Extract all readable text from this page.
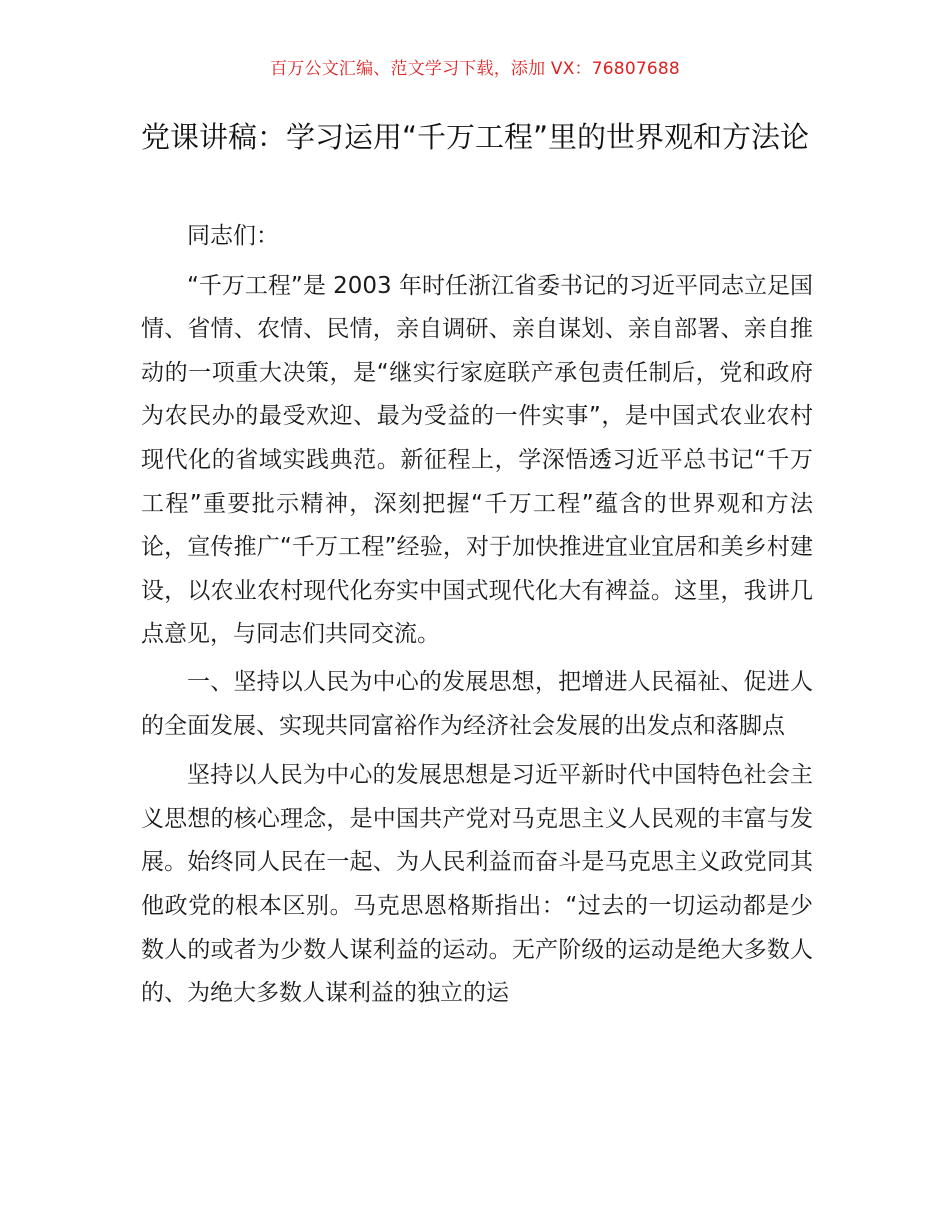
百万公文汇编、范文学习下载，添加 VX：76807688
党课讲稿：学习运用“千万工程”里的世界观和方法论

同志们：

“千万工程”是 2003 年时任浙江省委书记的习近平同志立足国情、省情、农情、民情，亲自调研、亲自谋划、亲自部署、亲自推动的一项重大决策，是“继实行家庭联产承包责任制后，党和政府为农民办的最受欢迎、最为受益的一件实事”，是中国式农业农村现代化的省域实践典范。新征程上，学深悟透习近平总书记“千万工程”重要批示精神，深刻把握“千万工程”蕴含的世界观和方法论，宣传推广“千万工程”经验，对于加快推进宜业宜居和美乡村建设，以农业农村现代化夯实中国式现代化大有裨益。这里，我讲几点意见，与同志们共同交流。

一、坚持以人民为中心的发展思想，把增进人民福祉、促进人的全面发展、实现共同富裕作为经济社会发展的出发点和落脚点

坚持以人民为中心的发展思想是习近平新时代中国特色社会主义思想的核心理念，是中国共产党对马克思主义人民观的丰富与发展。始终同人民在一起、为人民利益而奋斗是马克思主义政党同其他政党的根本区别。马克思恩格斯指出：“过去的一切运动都是少数人的或者为少数人谋利益的运动。无产阶级的运动是绝大多数人的、为绝大多数人谋利益的独立的运
